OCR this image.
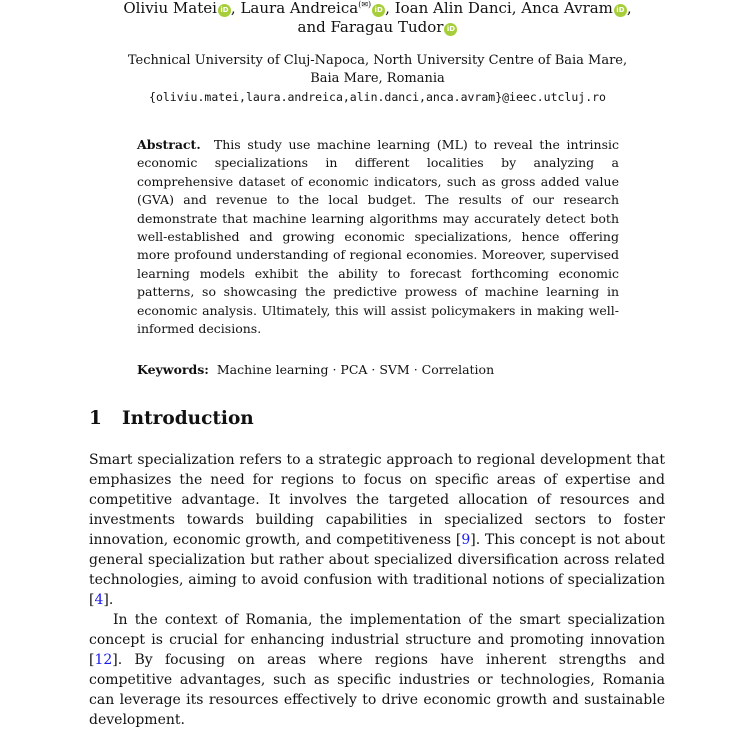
Oliviu Matei iD , Laura Andreica(✉)iD , Ioan Alin Danci, Anca Avram iD ,
and Faragau Tudor iD
Technical University of Cluj-Napoca, North University Centre of Baia Mare,
Baia Mare, Romania
{oliviu.matei,laura.andreica,alin.danci,anca.avram}@ieec.utcluj.ro
Abstract. This study use machine learning (ML) to reveal the intrinsic economic specializations in different localities by analyzing a comprehensive dataset of economic indicators, such as gross added value (GVA) and revenue to the local budget. The results of our research demonstrate that machine learning algorithms may accurately detect both well-established and growing economic specializations, hence offering more profound understanding of regional economies. Moreover, supervised learning models exhibit the ability to forecast forthcoming economic patterns, so showcasing the predictive prowess of machine learning in economic analysis. Ultimately, this will assist policymakers in making well-informed decisions.
Keywords: Machine learning · PCA · SVM · Correlation
1 Introduction

Smart specialization refers to a strategic approach to regional development that emphasizes the need for regions to focus on specific areas of expertise and competitive advantage. It involves the targeted allocation of resources and investments towards building capabilities in specialized sectors to foster innovation, economic growth, and competitiveness [9]. This concept is not about general specialization but rather about specialized diversification across related technologies, aiming to avoid confusion with traditional notions of specialization [4].

In the context of Romania, the implementation of the smart specialization concept is crucial for enhancing industrial structure and promoting innovation [12]. By focusing on areas where regions have inherent strengths and competitive advantages, such as specific industries or technologies, Romania can leverage its resources effectively to drive economic growth and sustainable development.
